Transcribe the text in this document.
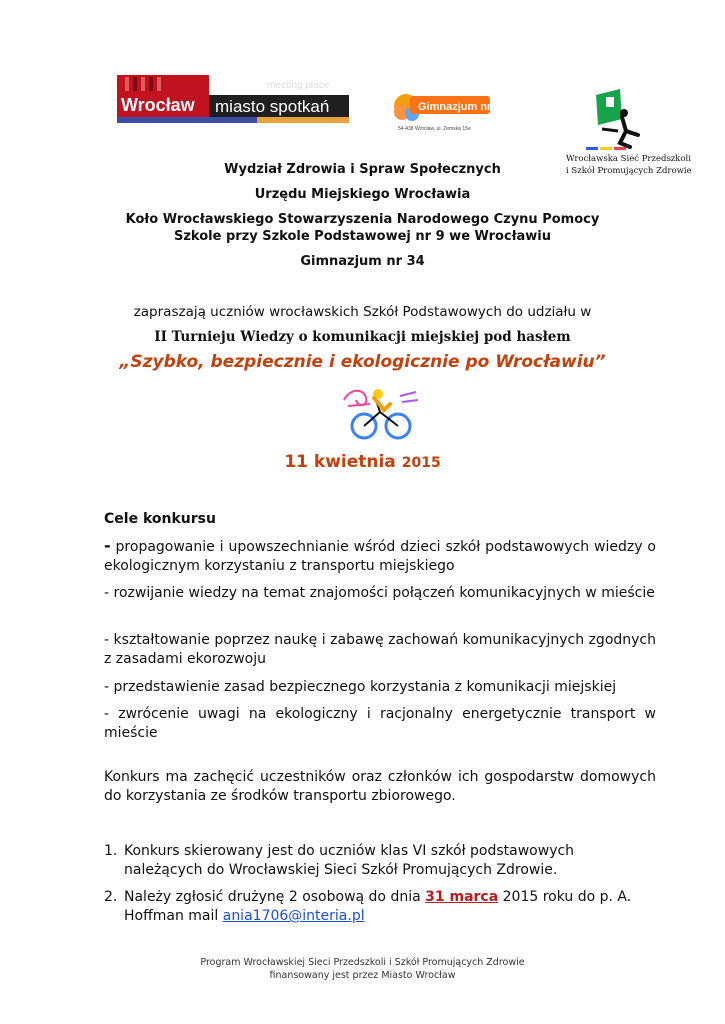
meeting place
Wrocław miasto spotkań	Gimnazjum nr 34
54-438 Wrocław, ul. Zemska 15e
Wrocławska Sieć Przedszkoli
i Szkół Promujących Zdrowie
Wydział Zdrowia i Spraw Społecznych
Urzędu Miejskiego Wrocławia
Koło Wrocławskiego Stowarzyszenia Narodowego Czynu Pomocy
Szkole przy Szkole Podstawowej nr 9 we Wrocławiu
Gimnazjum nr 34
zapraszają uczniów wrocławskich Szkół Podstawowych do udziału w
II Turnieju Wiedzy o komunikacji miejskiej pod hasłem
„Szybko, bezpiecznie i ekologicznie po Wrocławiu”
11 kwietnia 2015
Cele konkursu

- propagowanie i upowszechnianie wśród dzieci szkół podstawowych wiedzy o ekologicznym korzystaniu z transportu miejskiego

- rozwijanie wiedzy na temat znajomości połączeń komunikacyjnych w mieście

- kształtowanie poprzez naukę i zabawę zachowań komunikacyjnych zgodnych z zasadami ekorozwoju

- przedstawienie zasad bezpiecznego korzystania z komunikacji miejskiej

- zwrócenie uwagi na ekologiczny i racjonalny energetycznie transport w mieście

Konkurs ma zachęcić uczestników oraz członków ich gospodarstw domowych do korzystania ze środków transportu zbiorowego.

1. Konkurs skierowany jest do uczniów klas VI szkół podstawowych należących do Wrocławskiej Sieci Szkół Promujących Zdrowie.
2. Należy zgłosić drużynę 2 osobową do dnia 31 marca 2015 roku do p. A. Hoffman mail ania1706@interia.pl
Program Wrocławskiej Sieci Przedszkoli i Szkół Promujących Zdrowie
finansowany jest przez Miasto Wrocław
